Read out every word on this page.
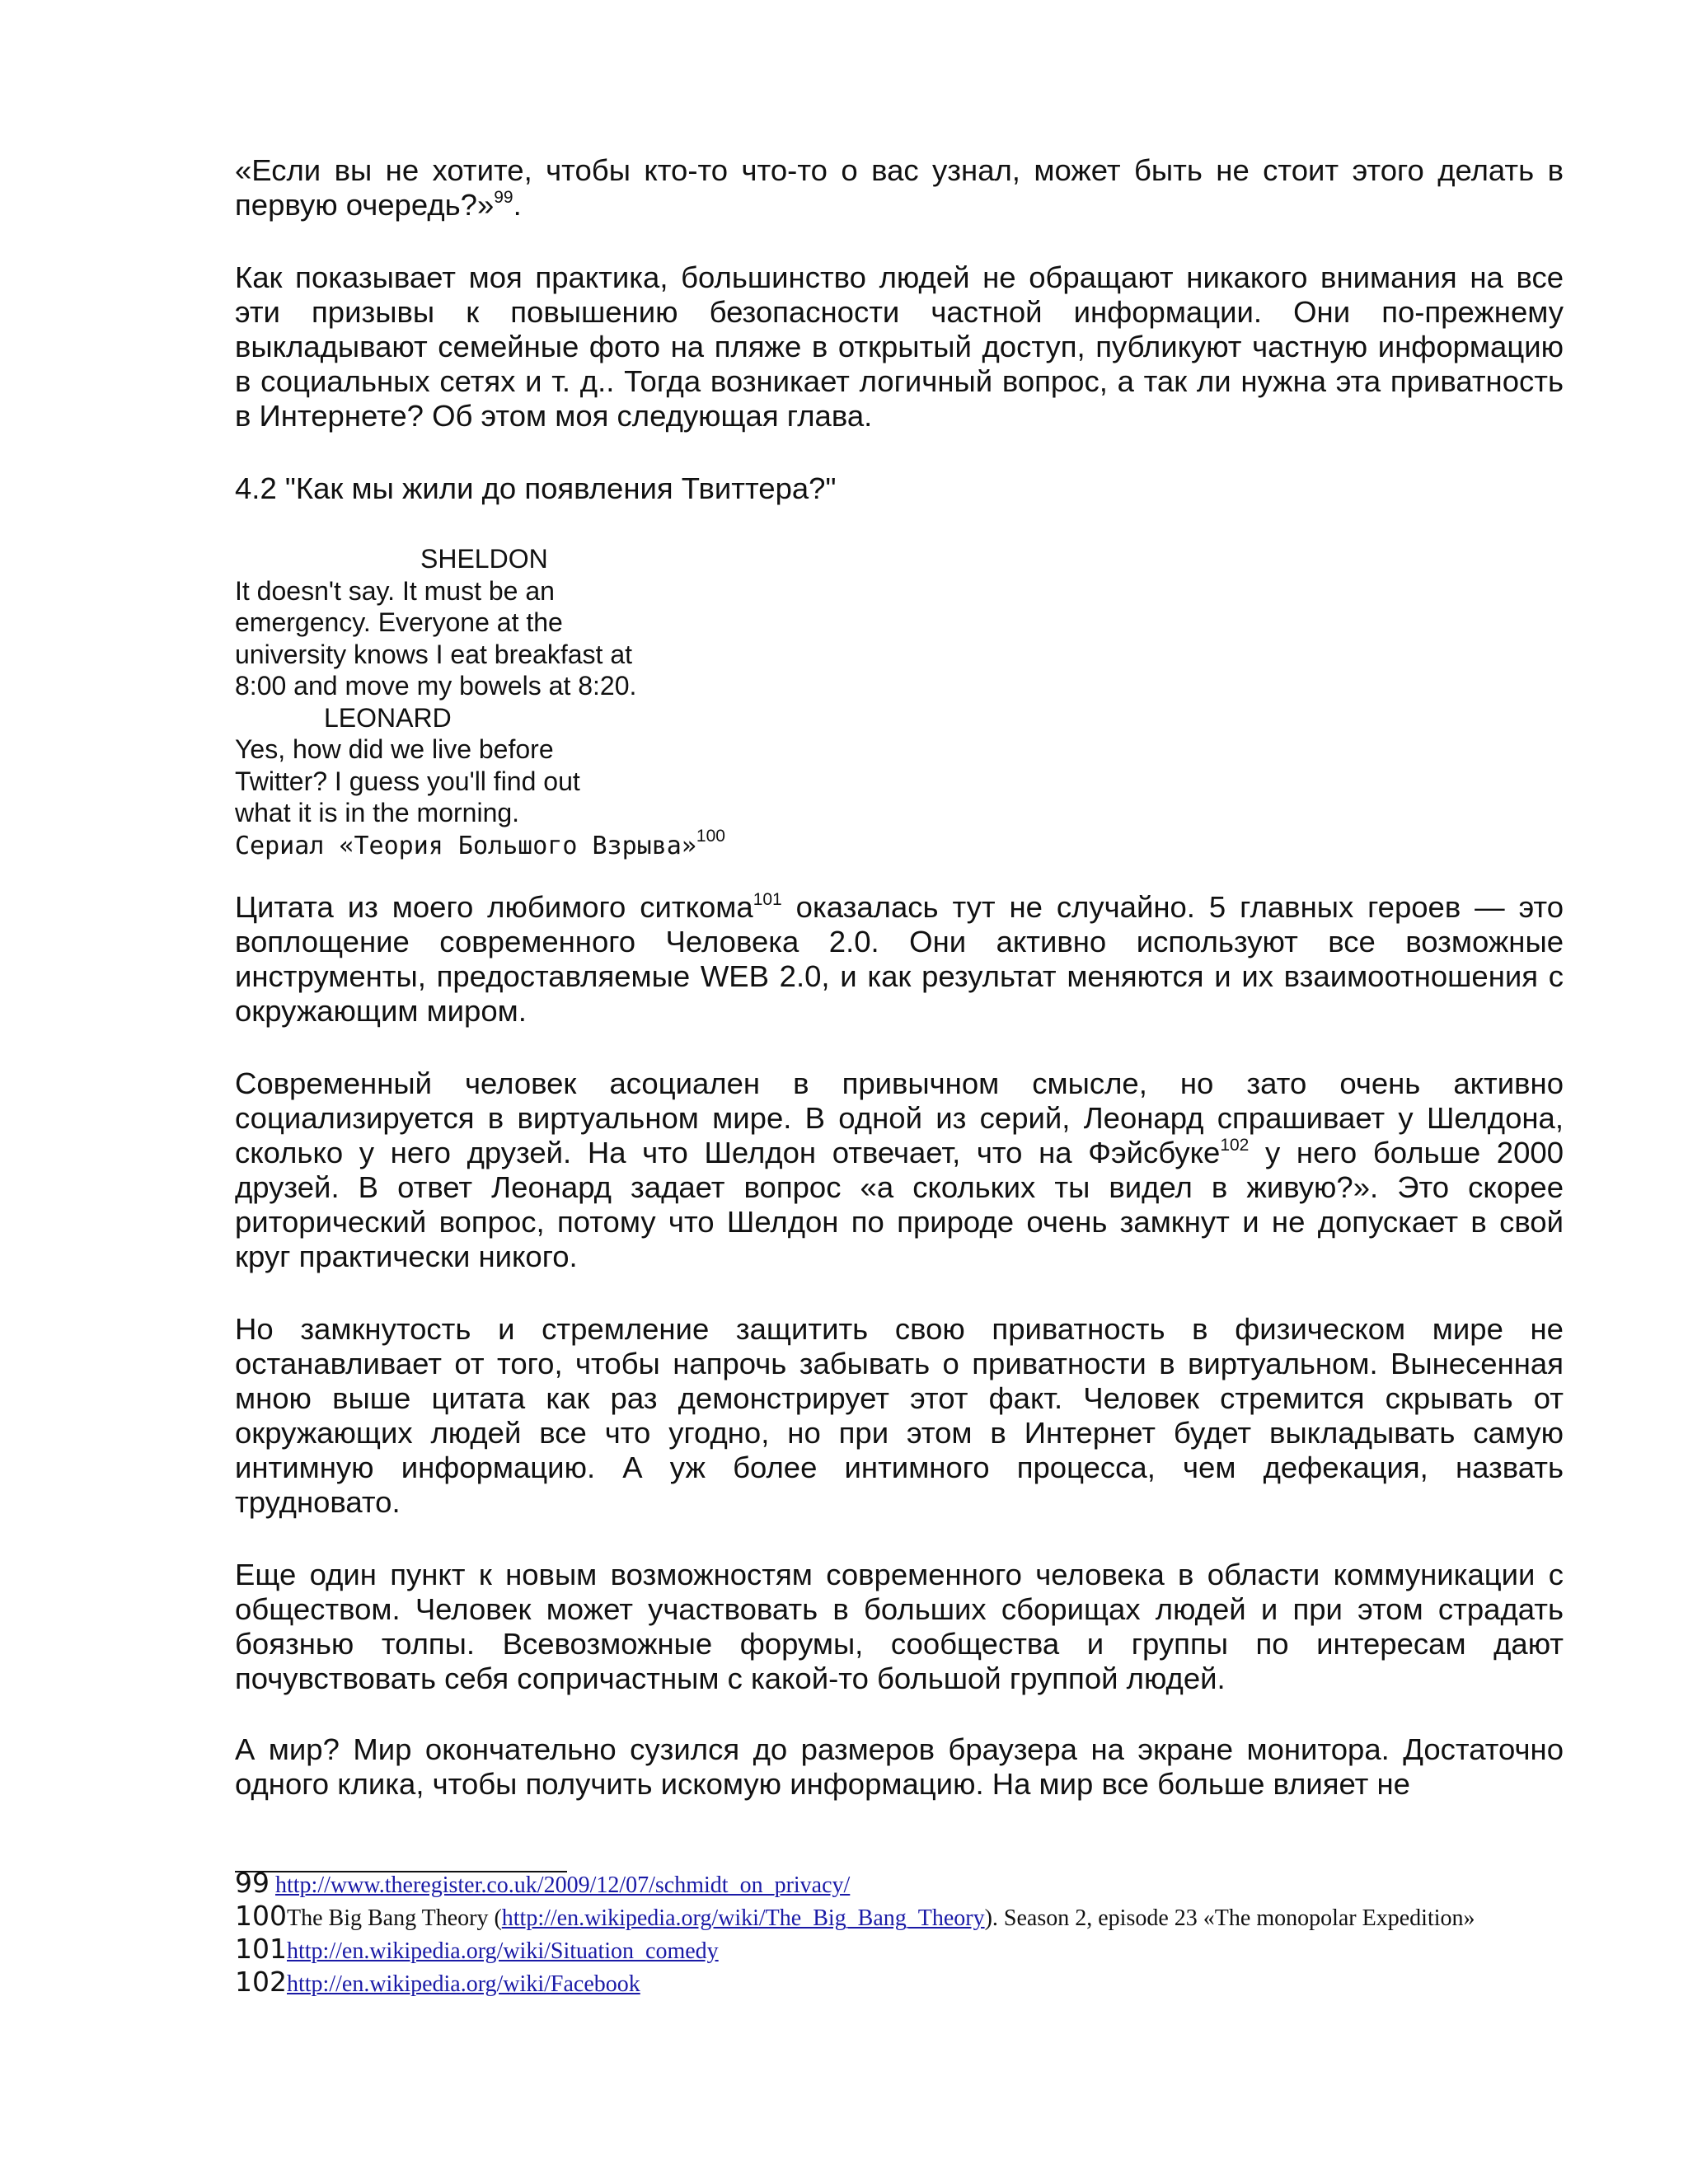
«Если вы не хотите, чтобы кто-то что-то о вас узнал, может быть не стоит этого делать в первую очередь?»$^{99}$.

Как показывает моя практика, большинство людей не обращают никакого внимания на все эти призывы к повышению безопасности частной информации. Они по-прежнему выкладывают семейные фото на пляже в открытый доступ, публикуют частную информацию в социальных сетях и т. д.. Тогда возникает логичный вопрос, а так ли нужна эта приватность в Интернете? Об этом моя следующая глава.

4.2 "Как мы жили до появления Твиттера?"

SHELDON
It doesn't say. It must be an
emergency. Everyone at the
university knows I eat breakfast at
8:00 and move my bowels at 8:20.
LEONARD
Yes, how did we live before
Twitter? I guess you'll find out
what it is in the morning.
Сериал «Теория Большого Взрыва»$^{100}$

Цитата из моего любимого ситкома$^{101}$ оказалась тут не случайно. 5 главных героев — это воплощение современного Человека 2.0. Они активно используют все возможные инструменты, предоставляемые WEB 2.0, и как результат меняются и их взаимоотношения с окружающим миром.

Современный человек асоциален в привычном смысле, но зато очень активно социализируется в виртуальном мире. В одной из серий, Леонард спрашивает у Шелдона, сколько у него друзей. На что Шелдон отвечает, что на Фэйсбуке$^{102}$ у него больше 2000 друзей. В ответ Леонард задает вопрос «а скольких ты видел в живую?». Это скорее риторический вопрос, потому что Шелдон по природе очень замкнут и не допускает в свой круг практически никого.

Но замкнутость и стремление защитить свою приватность в физическом мире не останавливает от того, чтобы напрочь забывать о приватности в виртуальном. Вынесенная мною выше цитата как раз демонстрирует этот факт. Человек стремится скрывать от окружающих людей все что угодно, но при этом в Интернет будет выкладывать самую интимную информацию. А уж более интимного процесса, чем дефекация, назвать трудновато.

Еще один пункт к новым возможностям современного человека в области коммуникации с обществом. Человек может участвовать в больших сборищах людей и при этом страдать боязнью толпы. Всевозможные форумы, сообщества и группы по интересам дают почувствовать себя сопричастным с какой-то большой группой людей.

А мир? Мир окончательно сузился до размеров браузера на экране монитора. Достаточно одного клика, чтобы получить искомую информацию. На мир все больше влияет не

99 http://www.theregister.co.uk/2009/12/07/schmidt_on_privacy/

100The Big Bang Theory (http://en.wikipedia.org/wiki/The_Big_Bang_Theory). Season 2, episode 23 «The monopolar Expedition»

101http://en.wikipedia.org/wiki/Situation_comedy

102http://en.wikipedia.org/wiki/Facebook
